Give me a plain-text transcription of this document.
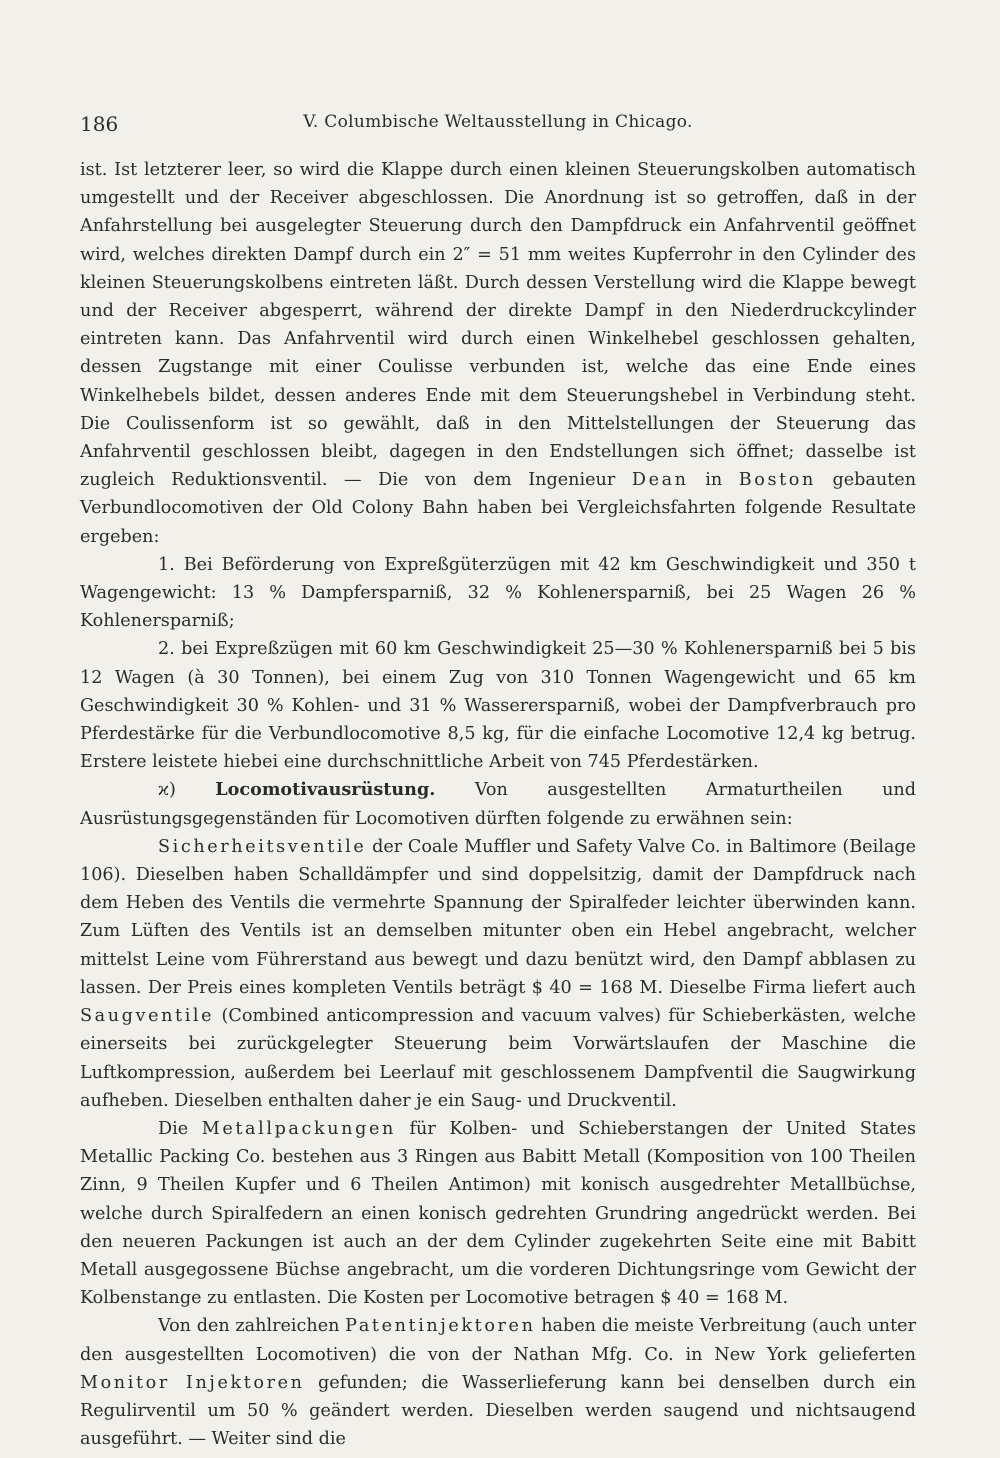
186	V. Columbische Weltausstellung in Chicago.

ist. Ist letzterer leer, so wird die Klappe durch einen kleinen Steuerungskolben automatisch umgestellt und der Receiver abgeschlossen. Die Anordnung ist so getroffen, daß in der Anfahrstellung bei ausgelegter Steuerung durch den Dampfdruck ein Anfahrventil geöffnet wird, welches direkten Dampf durch ein 2″ = 51 mm weites Kupferrohr in den Cylinder des kleinen Steuerungskolbens eintreten läßt. Durch dessen Verstellung wird die Klappe bewegt und der Receiver abgesperrt, während der direkte Dampf in den Niederdruckcylinder eintreten kann. Das Anfahrventil wird durch einen Winkelhebel geschlossen gehalten, dessen Zugstange mit einer Coulisse verbunden ist, welche das eine Ende eines Winkelhebels bildet, dessen anderes Ende mit dem Steuerungshebel in Verbindung steht. Die Coulissenform ist so gewählt, daß in den Mittelstellungen der Steuerung das Anfahrventil geschlossen bleibt, dagegen in den Endstellungen sich öffnet; dasselbe ist zugleich Reduktionsventil. — Die von dem Ingenieur Dean in Boston gebauten Verbundlocomotiven der Old Colony Bahn haben bei Vergleichsfahrten folgende Resultate ergeben:

1. Bei Beförderung von Expreßgüterzügen mit 42 km Geschwindigkeit und 350 t Wagengewicht: 13 % Dampfersparniß, 32 % Kohlenersparniß, bei 25 Wagen 26 % Kohlenersparniß;

2. bei Expreßzügen mit 60 km Geschwindigkeit 25—30 % Kohlenersparniß bei 5 bis 12 Wagen (à 30 Tonnen), bei einem Zug von 310 Tonnen Wagengewicht und 65 km Geschwindigkeit 30 % Kohlen- und 31 % Wasserersparniß, wobei der Dampfverbrauch pro Pferdestärke für die Verbundlocomotive 8,5 kg, für die einfache Locomotive 12,4 kg betrug. Erstere leistete hiebei eine durchschnittliche Arbeit von 745 Pferdestärken.

ϰ) Locomotivausrüstung. Von ausgestellten Armaturtheilen und Ausrüstungsgegenständen für Locomotiven dürften folgende zu erwähnen sein:

Sicherheitsventile der Coale Muffler und Safety Valve Co. in Baltimore (Beilage 106). Dieselben haben Schalldämpfer und sind doppelsitzig, damit der Dampfdruck nach dem Heben des Ventils die vermehrte Spannung der Spiralfeder leichter überwinden kann. Zum Lüften des Ventils ist an demselben mitunter oben ein Hebel angebracht, welcher mittelst Leine vom Führerstand aus bewegt und dazu benützt wird, den Dampf abblasen zu lassen. Der Preis eines kompleten Ventils beträgt $ 40 = 168 M. Dieselbe Firma liefert auch Saugventile (Combined anticompression and vacuum valves) für Schieberkästen, welche einerseits bei zurückgelegter Steuerung beim Vorwärtslaufen der Maschine die Luftkompression, außerdem bei Leerlauf mit geschlossenem Dampfventil die Saugwirkung aufheben. Dieselben enthalten daher je ein Saug- und Druckventil.

Die Metallpackungen für Kolben- und Schieberstangen der United States Metallic Packing Co. bestehen aus 3 Ringen aus Babitt Metall (Komposition von 100 Theilen Zinn, 9 Theilen Kupfer und 6 Theilen Antimon) mit konisch ausgedrehter Metallbüchse, welche durch Spiralfedern an einen konisch gedrehten Grundring angedrückt werden. Bei den neueren Packungen ist auch an der dem Cylinder zugekehrten Seite eine mit Babitt Metall ausgegossene Büchse angebracht, um die vorderen Dichtungsringe vom Gewicht der Kolbenstange zu entlasten. Die Kosten per Locomotive betragen $ 40 = 168 M.

Von den zahlreichen Patentinjektoren haben die meiste Verbreitung (auch unter den ausgestellten Locomotiven) die von der Nathan Mfg. Co. in New York gelieferten Monitor Injektoren gefunden; die Wasserlieferung kann bei denselben durch ein Regulirventil um 50 % geändert werden. Dieselben werden saugend und nichtsaugend ausgeführt. — Weiter sind die
